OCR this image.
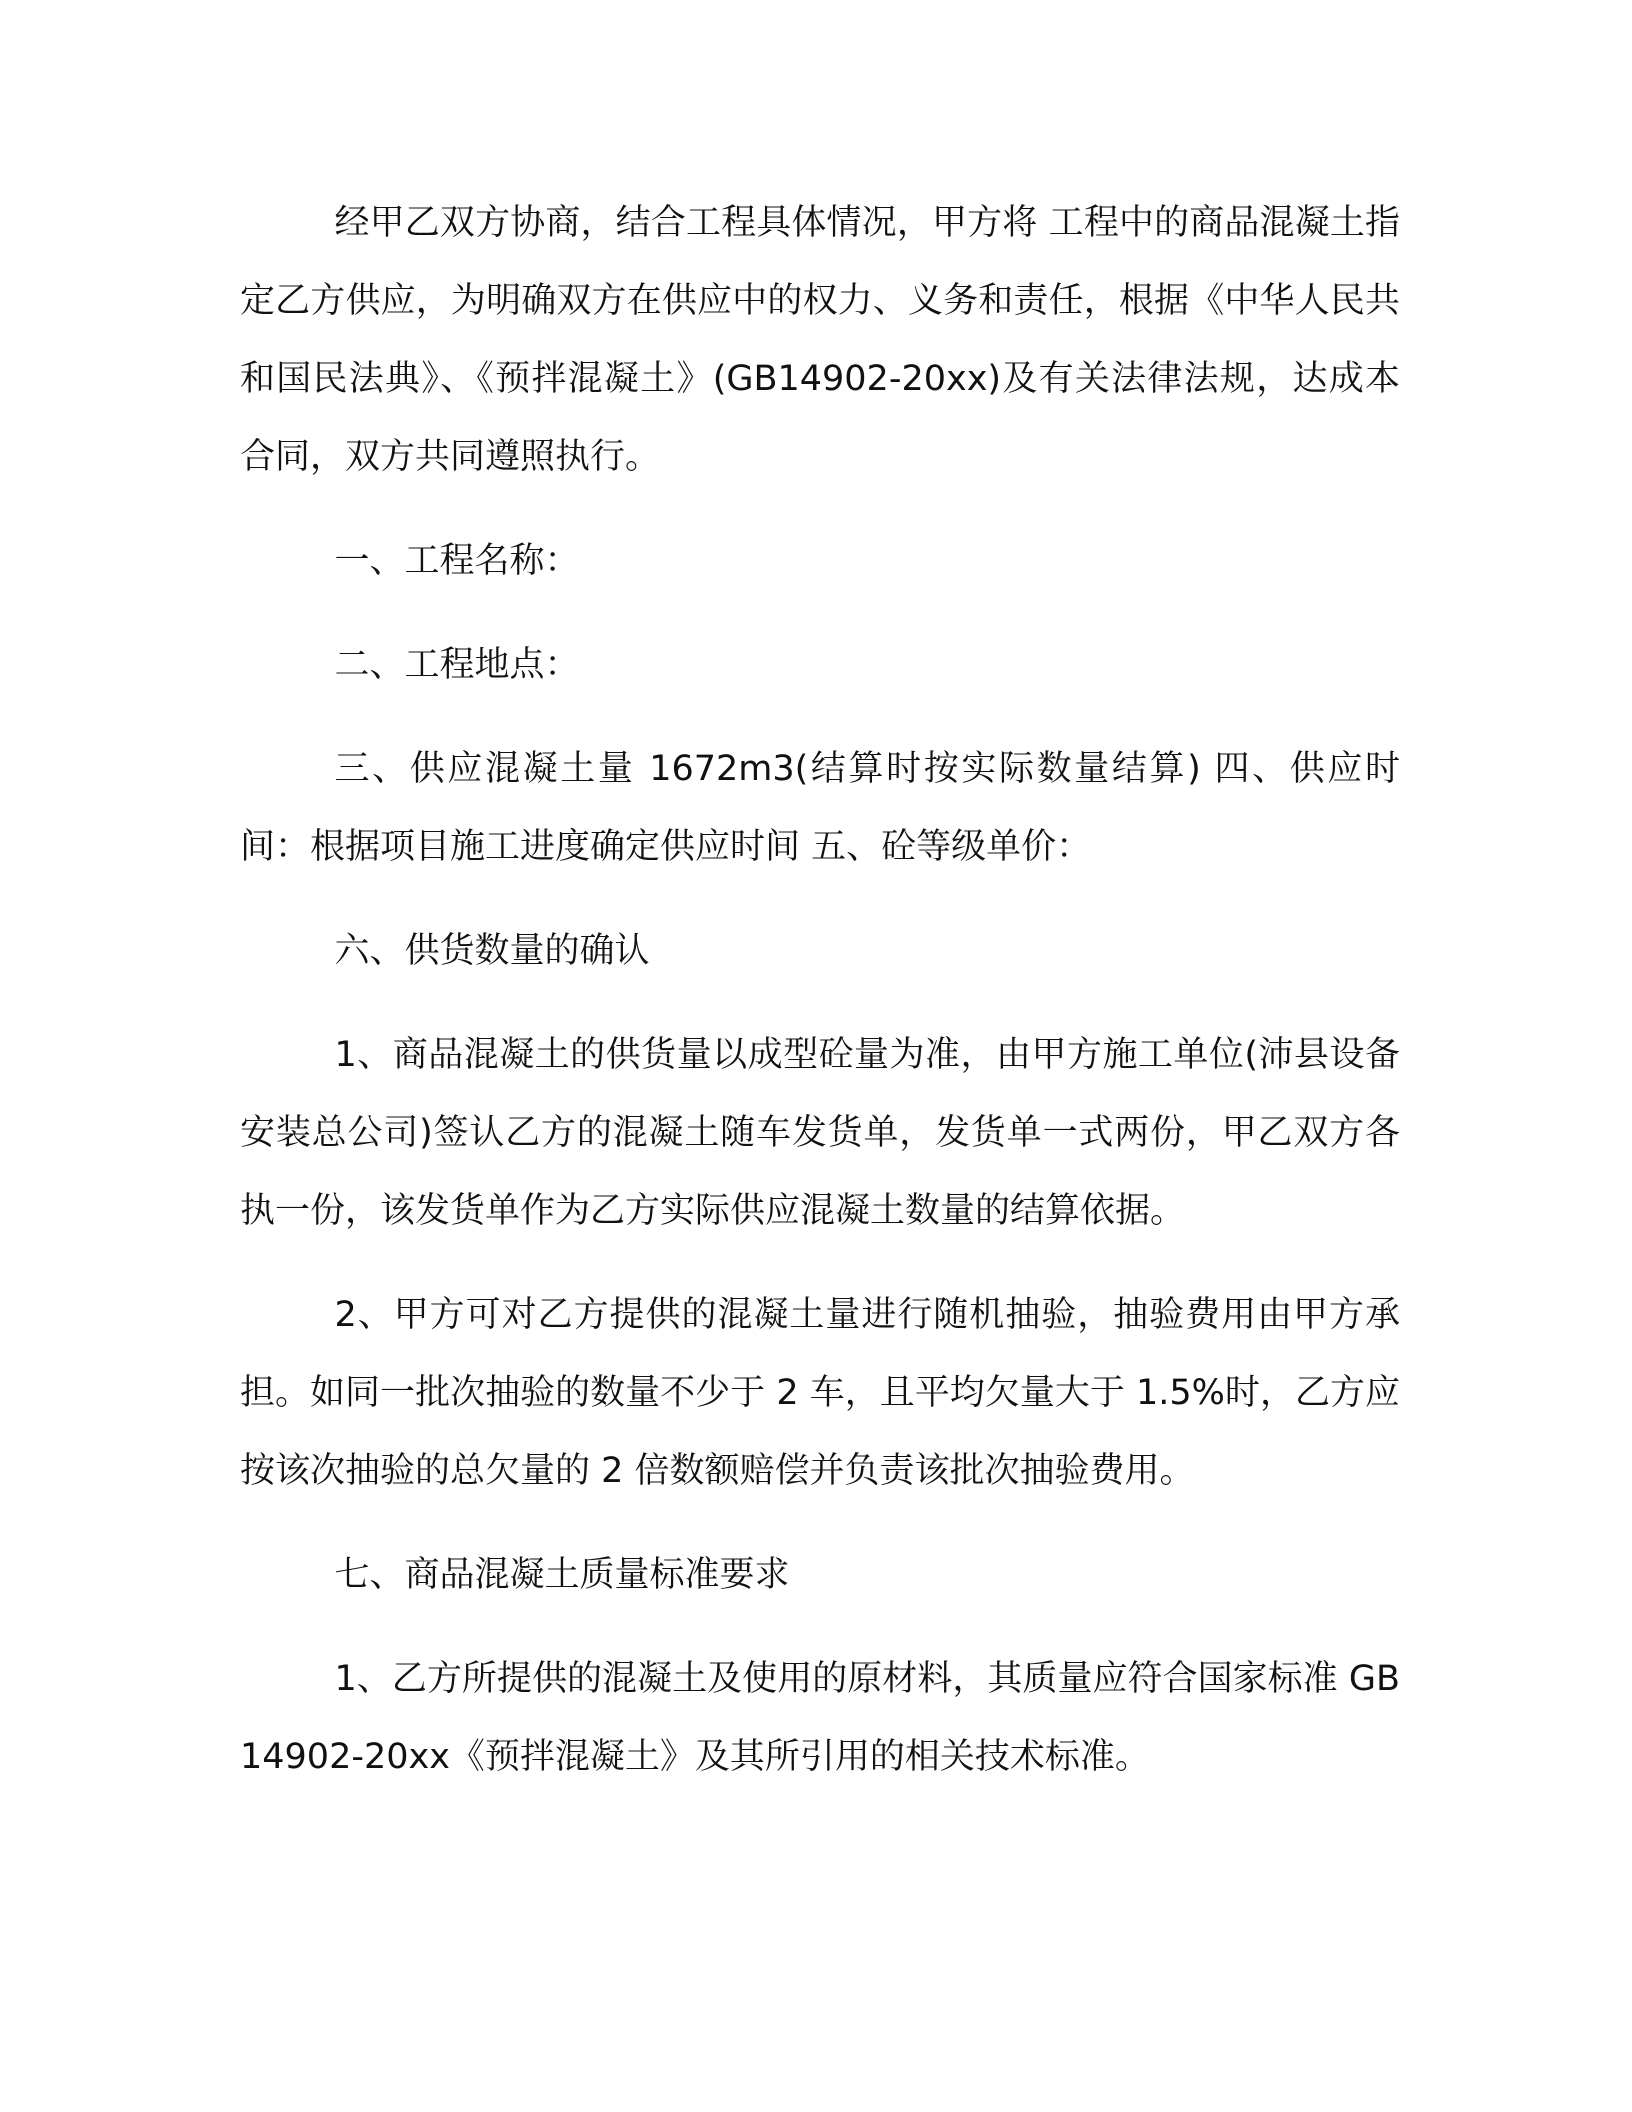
经甲乙双方协商，结合工程具体情况，甲方将 工程中的商品混凝土指定乙方供应，为明确双方在供应中的权力、义务和责任，根据《中华人民共和国民法典》、《预拌混凝土》(GB14902-20xx)及有关法律法规，达成本合同，双方共同遵照执行。

一、工程名称：

二、工程地点：

三、供应混凝土量 1672m3(结算时按实际数量结算) 四、供应时间：根据项目施工进度确定供应时间 五、砼等级单价：

六、供货数量的确认

1、商品混凝土的供货量以成型砼量为准，由甲方施工单位(沛县设备安装总公司)签认乙方的混凝土随车发货单，发货单一式两份，甲乙双方各执一份，该发货单作为乙方实际供应混凝土数量的结算依据。

2、甲方可对乙方提供的混凝土量进行随机抽验，抽验费用由甲方承担。如同一批次抽验的数量不少于 2 车，且平均欠量大于 1.5%时，乙方应按该次抽验的总欠量的 2 倍数额赔偿并负责该批次抽验费用。

七、商品混凝土质量标准要求

1、乙方所提供的混凝土及使用的原材料，其质量应符合国家标准 GB14902-20xx《预拌混凝土》及其所引用的相关技术标准。
